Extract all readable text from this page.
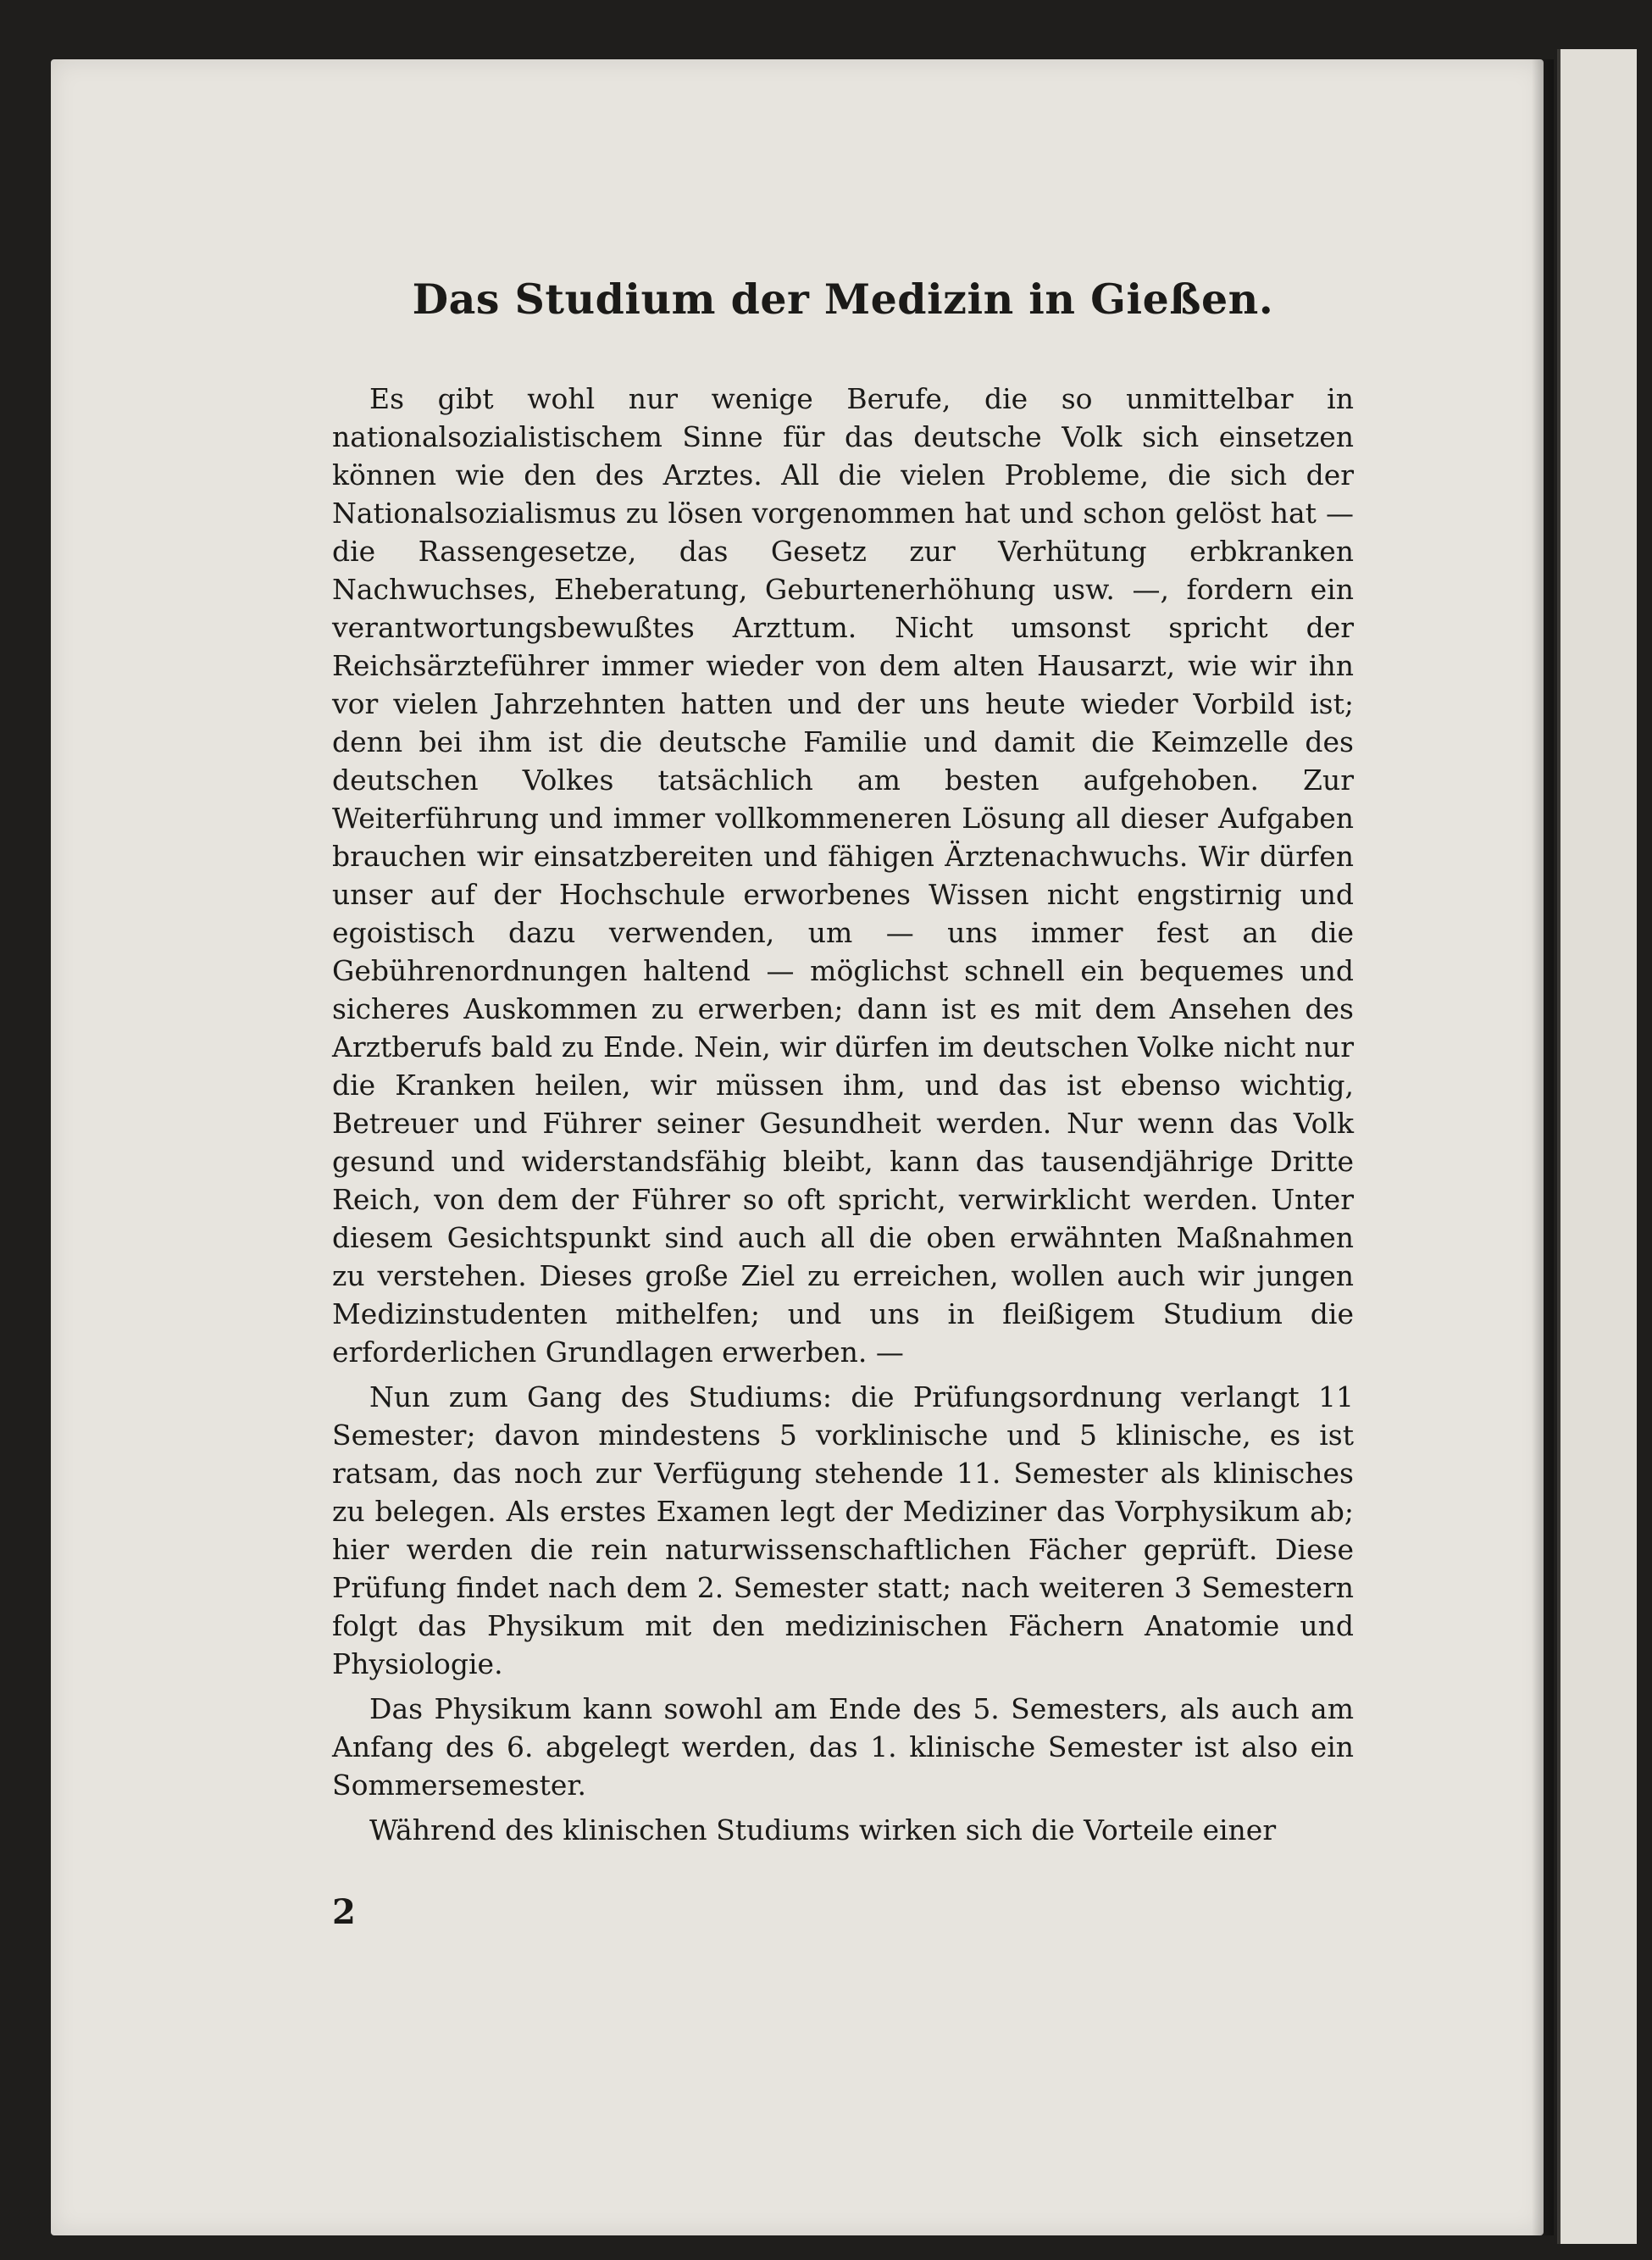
Das Studium der Medizin in Gießen.

Es gibt wohl nur wenige Berufe, die so unmittelbar in nationalsozialistischem Sinne für das deutsche Volk sich einsetzen können wie den des Arztes. All die vielen Probleme, die sich der Nationalsozialismus zu lösen vorgenommen hat und schon gelöst hat — die Rassengesetze, das Gesetz zur Verhütung erbkranken Nachwuchses, Eheberatung, Geburtenerhöhung usw. —, fordern ein verantwortungsbewußtes Arzttum. Nicht umsonst spricht der Reichsärzteführer immer wieder von dem alten Hausarzt, wie wir ihn vor vielen Jahrzehnten hatten und der uns heute wieder Vorbild ist; denn bei ihm ist die deutsche Familie und damit die Keimzelle des deutschen Volkes tatsächlich am besten aufgehoben. Zur Weiterführung und immer vollkommeneren Lösung all dieser Aufgaben brauchen wir einsatzbereiten und fähigen Ärztenachwuchs. Wir dürfen unser auf der Hochschule erworbenes Wissen nicht engstirnig und egoistisch dazu verwenden, um — uns immer fest an die Gebührenordnungen haltend — möglichst schnell ein bequemes und sicheres Auskommen zu erwerben; dann ist es mit dem Ansehen des Arztberufs bald zu Ende. Nein, wir dürfen im deutschen Volke nicht nur die Kranken heilen, wir müssen ihm, und das ist ebenso wichtig, Betreuer und Führer seiner Gesundheit werden. Nur wenn das Volk gesund und widerstandsfähig bleibt, kann das tausendjährige Dritte Reich, von dem der Führer so oft spricht, verwirklicht werden. Unter diesem Gesichtspunkt sind auch all die oben erwähnten Maßnahmen zu verstehen. Dieses große Ziel zu erreichen, wollen auch wir jungen Medizinstudenten mithelfen; und uns in fleißigem Studium die erforderlichen Grundlagen erwerben. —

Nun zum Gang des Studiums: die Prüfungsordnung verlangt 11 Semester; davon mindestens 5 vorklinische und 5 klinische, es ist ratsam, das noch zur Verfügung stehende 11. Semester als klinisches zu belegen. Als erstes Examen legt der Mediziner das Vorphysikum ab; hier werden die rein naturwissenschaftlichen Fächer geprüft. Diese Prüfung findet nach dem 2. Semester statt; nach weiteren 3 Semestern folgt das Physikum mit den medizinischen Fächern Anatomie und Physiologie.

Das Physikum kann sowohl am Ende des 5. Semesters, als auch am Anfang des 6. abgelegt werden, das 1. klinische Semester ist also ein Sommersemester.

Während des klinischen Studiums wirken sich die Vorteile einer

2
